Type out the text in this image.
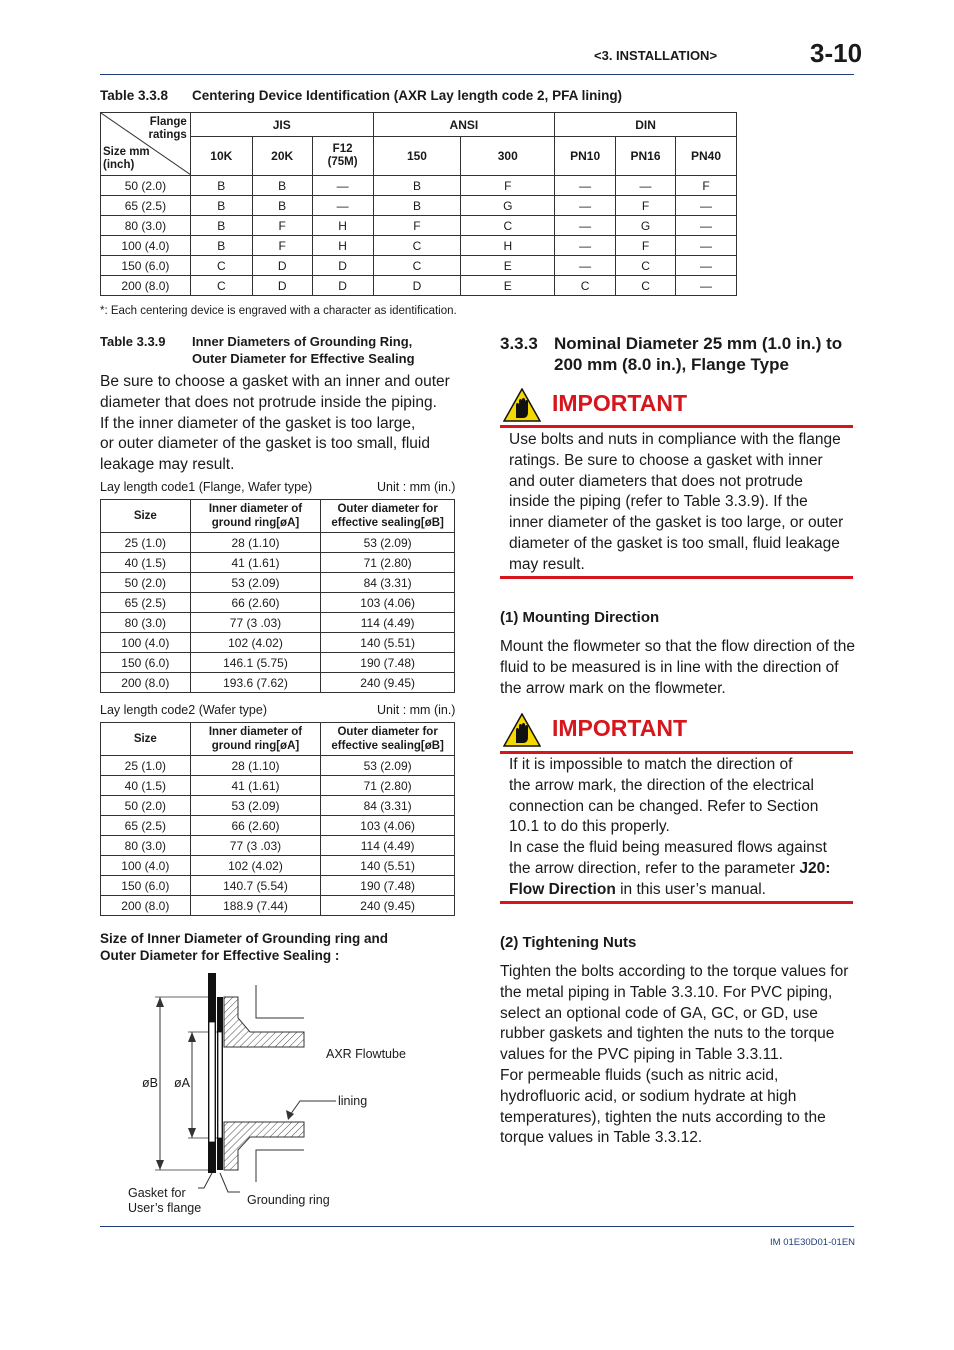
<3. INSTALLATION>	3-10
Table 3.3.8 Centering Device Identification (AXR Lay length code 2, PFA lining)
Flange ratings
Size mm (inch)	JIS			ANSI		DIN		
	10K	20K	F12 (75M)	150	300	PN10	PN16	PN40
50 (2.0)	B	B	—	B	F	—	—	F
65 (2.5)	B	B	—	B	G	—	F	—
80 (3.0)	B	F	H	F	C	—	G	—
100 (4.0)	B	F	H	C	H	—	F	—
150 (6.0)	C	D	D	C	E	—	C	—
200 (8.0)	C	D	D	D	E	C	C	—
*: Each centering device is engraved with a character as identification.
Table 3.3.9 Inner Diameters of Grounding Ring,
Outer Diameter for Effective Sealing
Be sure to choose a gasket with an inner and outer
diameter that does not protrude inside the piping.
If the inner diameter of the gasket is too large,
or outer diameter of the gasket is too small, fluid
leakage may result.
Lay length code1 (Flange, Wafer type)	Unit : mm (in.)
Size	Inner diameter of ground ring[øA]	Outer diameter for effective sealing[øB]
25 (1.0)	28 (1.10)	53 (2.09)
40 (1.5)	41 (1.61)	71 (2.80)
50 (2.0)	53 (2.09)	84 (3.31)
65 (2.5)	66 (2.60)	103 (4.06)
80 (3.0)	77 (3 .03)	114 (4.49)
100 (4.0)	102 (4.02)	140 (5.51)
150 (6.0)	146.1 (5.75)	190 (7.48)
200 (8.0)	193.6 (7.62)	240 (9.45)
Lay length code2 (Wafer type)	Unit : mm (in.)
Size	Inner diameter of ground ring[øA]	Outer diameter for effective sealing[øB]
25 (1.0)	28 (1.10)	53 (2.09)
40 (1.5)	41 (1.61)	71 (2.80)
50 (2.0)	53 (2.09)	84 (3.31)
65 (2.5)	66 (2.60)	103 (4.06)
80 (3.0)	77 (3 .03)	114 (4.49)
100 (4.0)	102 (4.02)	140 (5.51)
150 (6.0)	140.7 (5.54)	190 (7.48)
200 (8.0)	188.9 (7.44)	240 (9.45)
Size of Inner Diameter of Grounding ring and
Outer Diameter for Effective Sealing :
AXR Flowtube
lining
øB øA
Gasket for
User’s flange
Grounding ring
3.3.3 Nominal Diameter 25 mm (1.0 in.) to
200 mm (8.0 in.), Flange Type
IMPORTANT
Use bolts and nuts in compliance with the flange
ratings. Be sure to choose a gasket with inner
and outer diameters that does not protrude
inside the piping (refer to Table 3.3.9). If the
inner diameter of the gasket is too large, or outer
diameter of the gasket is too small, fluid leakage
may result.
(1) Mounting Direction
Mount the flowmeter so that the flow direction of the
fluid to be measured is in line with the direction of
the arrow mark on the flowmeter.
IMPORTANT
If it is impossible to match the direction of
the arrow mark, the direction of the electrical
connection can be changed. Refer to Section
10.1 to do this properly.
In case the fluid being measured flows against
the arrow direction, refer to the parameter J20:
Flow Direction in this user’s manual.
(2) Tightening Nuts
Tighten the bolts according to the torque values for
the metal piping in Table 3.3.10. For PVC piping,
select an optional code of GA, GC, or GD, use
rubber gaskets and tighten the nuts to the torque
values for the PVC piping in Table 3.3.11.
For permeable fluids (such as nitric acid,
hydrofluoric acid, or sodium hydrate at high
temperatures), tighten the nuts according to the
torque values in Table 3.3.12.
IM 01E30D01-01EN
